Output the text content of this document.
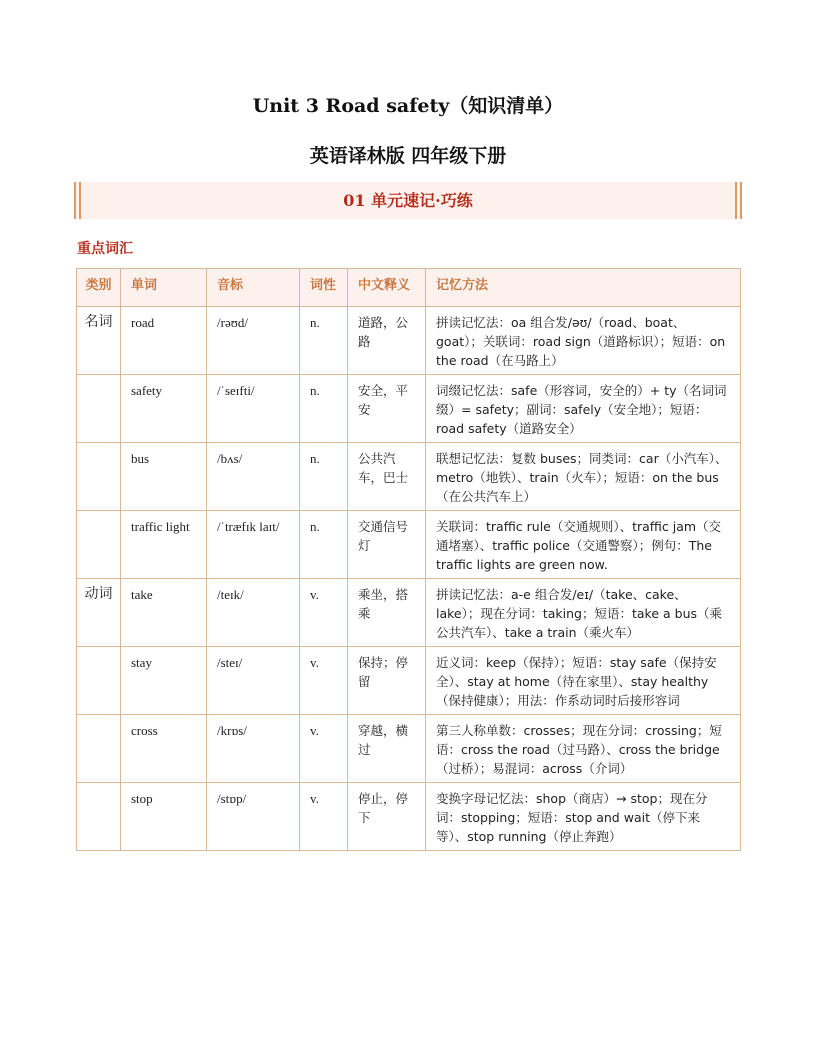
Unit 3 Road safety（知识清单）
英语译林版 四年级下册
01 单元速记·巧练
重点词汇
类别	单词	音标	词性	中文释义	记忆方法
名词	road	/rəʊd/	n.	道路，公路	拼读记忆法：oa 组合发/əʊ/（road、boat、goat）；关联词：road sign（道路标识）；短语：on the road（在马路上）
	safety	/ˈseɪfti/	n.	安全，平安	词缀记忆法：safe（形容词，安全的）+ ty（名词词缀）= safety；副词：safely（安全地）；短语：road safety（道路安全）
	bus	/bʌs/	n.	公共汽车，巴士	联想记忆法：复数 buses；同类词：car（小汽车）、metro（地铁）、train（火车）；短语：on the bus（在公共汽车上）
	traffic light	/ˈtræfɪk laɪt/	n.	交通信号灯	关联词：traffic rule（交通规则）、traffic jam（交通堵塞）、traffic police（交通警察）；例句：The traffic lights are green now.
动词	take	/teɪk/	v.	乘坐，搭乘	拼读记忆法：a-e 组合发/eɪ/（take、cake、lake）；现在分词：taking；短语：take a bus（乘公共汽车）、take a train（乘火车）
	stay	/steɪ/	v.	保持；停留	近义词：keep（保持）；短语：stay safe（保持安全）、stay at home（待在家里）、stay healthy（保持健康）；用法：作系动词时后接形容词
	cross	/krɒs/	v.	穿越，横过	第三人称单数：crosses；现在分词：crossing；短语：cross the road（过马路）、cross the bridge（过桥）；易混词：across（介词）
	stop	/stɒp/	v.	停止，停下	变换字母记忆法：shop（商店）→ stop；现在分词：stopping；短语：stop and wait（停下来等）、stop running（停止奔跑）
